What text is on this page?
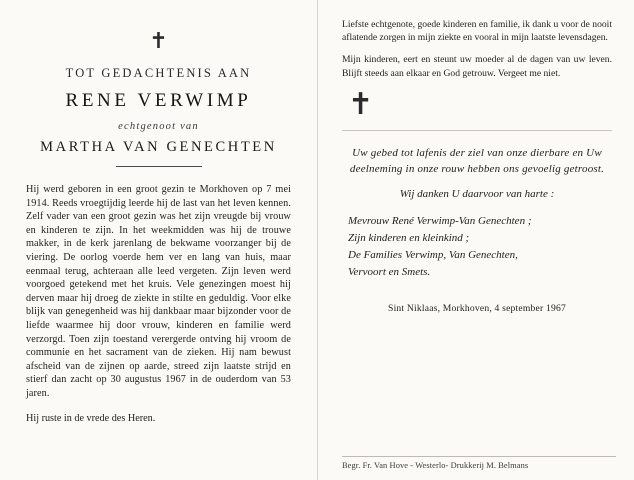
✝
TOT GEDACHTENIS AAN
RENE VERWIMP
echtgenoot van
MARTHA VAN GENECHTEN
Hij werd geboren in een groot gezin te Morkhoven op 7 mei 1914. Reeds vroegtijdig leerde hij de last van het leven kennen. Zelf vader van een groot gezin was het zijn vreugde bij vrouw en kinderen te zijn. In het weekmidden was hij de trouwe makker, in de kerk jarenlang de bekwame voorzanger bij de viering. De oorlog voerde hem ver en lang van huis, maar eenmaal terug, achteraan alle leed vergeten. Zijn leven werd voorgoed getekend met het kruis. Vele genezingen moest hij derven maar hij droeg de ziekte in stilte en geduldig. Voor elke blijk van genegenheid was hij dankbaar maar bijzonder voor de liefde waarmee hij door vrouw, kinderen en familie werd verzorgd. Toen zijn toestand verergerde ontving hij vroom de communie en het sacrament van de zieken. Hij nam bewust afscheid van de zijnen op aarde, streed zijn laatste strijd en stierf dan zacht op 30 augustus 1967 in de ouderdom van 53 jaren.
Hij ruste in de vrede des Heren.

Liefste echtgenote, goede kinderen en familie, ik dank u voor de nooit aflatende zorgen in mijn ziekte en vooral in mijn laatste levensdagen.

Mijn kinderen, eert en steunt uw moeder al de dagen van uw leven. Blijft steeds aan elkaar en God getrouw. Vergeet me niet.

✝
Uw gebed tot lafenis der ziel van onze dierbare en Uw deelneming in onze rouw hebben ons gevoelig getroost.
Wij danken U daarvoor van harte :
Mevrouw René Verwimp-Van Genechten ;
Zijn kinderen en kleinkind ;
De Families Verwimp, Van Genechten,
Vervoort en Smets.
Sint Niklaas, Morkhoven, 4 september 1967
Begr. Fr. Van Hove - Westerlo- Drukkerij M. Belmans
